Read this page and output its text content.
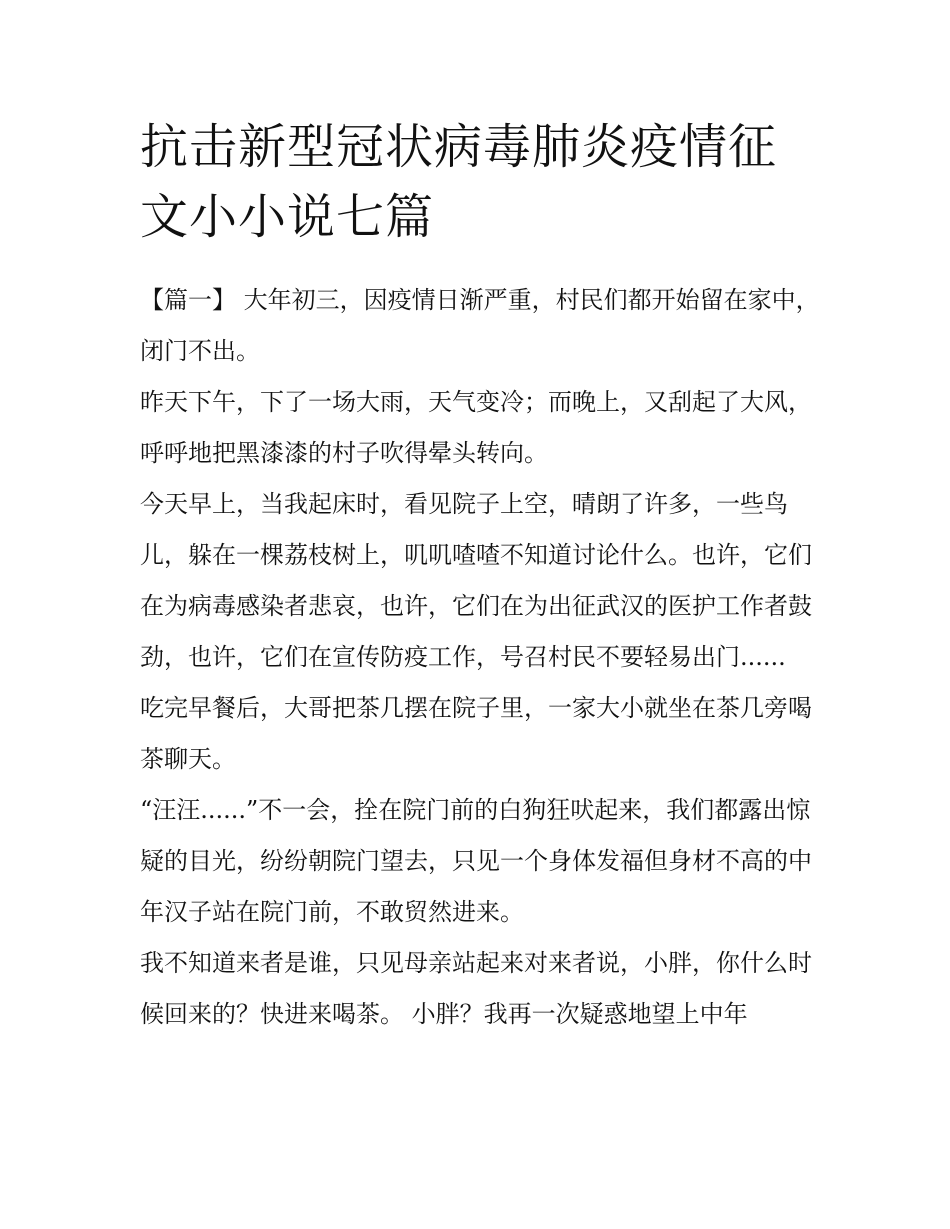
抗击新型冠状病毒肺炎疫情征文小小说七篇

【篇一】 大年初三，因疫情日渐严重，村民们都开始留在家中，闭门不出。

昨天下午，下了一场大雨，天气变冷；而晚上，又刮起了大风，呼呼地把黑漆漆的村子吹得晕头转向。

今天早上，当我起床时，看见院子上空，晴朗了许多，一些鸟儿，躲在一棵荔枝树上，叽叽喳喳不知道讨论什么。也许，它们在为病毒感染者悲哀，也许，它们在为出征武汉的医护工作者鼓劲，也许，它们在宣传防疫工作，号召村民不要轻易出门......

吃完早餐后，大哥把茶几摆在院子里，一家大小就坐在茶几旁喝茶聊天。

“汪汪......”不一会，拴在院门前的白狗狂吠起来，我们都露出惊疑的目光，纷纷朝院门望去，只见一个身体发福但身材不高的中年汉子站在院门前，不敢贸然进来。

我不知道来者是谁，只见母亲站起来对来者说，小胖，你什么时候回来的？快进来喝茶。 小胖？我再一次疑惑地望上中年
